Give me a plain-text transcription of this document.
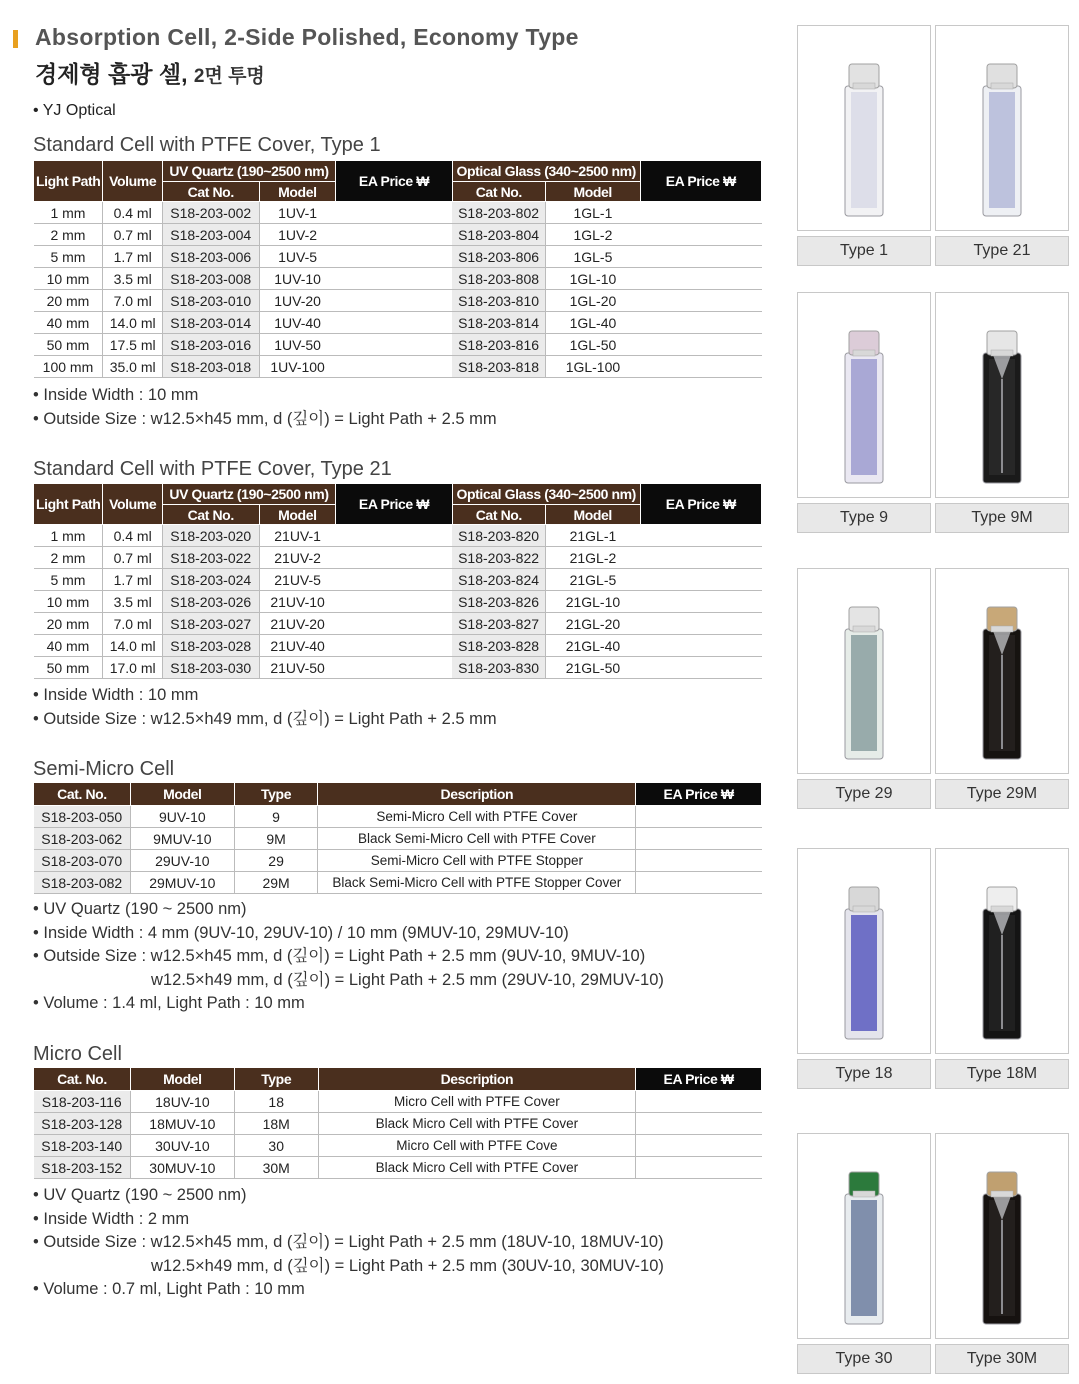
Absorption Cell, 2-Side Polished, Economy Type
경제형 흡광 셀, 2면 투명
• YJ Optical
Standard Cell with PTFE Cover, Type 1
Light Path	Volume	UV Quartz (190~2500 nm)		EA Price ₩	Optical Glass (340~2500 nm)		EA Price ₩
		Cat No.	Model		Cat No.	Model	
1 mm	0.4 ml	S18-203-002	1UV-1		S18-203-802	1GL-1	
2 mm	0.7 ml	S18-203-004	1UV-2		S18-203-804	1GL-2	
5 mm	1.7 ml	S18-203-006	1UV-5		S18-203-806	1GL-5	
10 mm	3.5 ml	S18-203-008	1UV-10		S18-203-808	1GL-10	
20 mm	7.0 ml	S18-203-010	1UV-20		S18-203-810	1GL-20	
40 mm	14.0 ml	S18-203-014	1UV-40		S18-203-814	1GL-40	
50 mm	17.5 ml	S18-203-016	1UV-50		S18-203-816	1GL-50	
100 mm	35.0 ml	S18-203-018	1UV-100		S18-203-818	1GL-100	
• Inside Width : 10 mm
• Outside Size : w12.5×h45 mm, d (깊이) = Light Path + 2.5 mm
Standard Cell with PTFE Cover, Type 21
Light Path	Volume	UV Quartz (190~2500 nm)		EA Price ₩	Optical Glass (340~2500 nm)		EA Price ₩
		Cat No.	Model		Cat No.	Model	
1 mm	0.4 ml	S18-203-020	21UV-1		S18-203-820	21GL-1	
2 mm	0.7 ml	S18-203-022	21UV-2		S18-203-822	21GL-2	
5 mm	1.7 ml	S18-203-024	21UV-5		S18-203-824	21GL-5	
10 mm	3.5 ml	S18-203-026	21UV-10		S18-203-826	21GL-10	
20 mm	7.0 ml	S18-203-027	21UV-20		S18-203-827	21GL-20	
40 mm	14.0 ml	S18-203-028	21UV-40		S18-203-828	21GL-40	
50 mm	17.0 ml	S18-203-030	21UV-50		S18-203-830	21GL-50	
• Inside Width : 10 mm
• Outside Size : w12.5×h49 mm, d (깊이) = Light Path + 2.5 mm
Semi-Micro Cell
Cat. No.	Model	Type	Description	EA Price ₩
S18-203-050	9UV-10	9	Semi-Micro Cell with PTFE Cover	
S18-203-062	9MUV-10	9M	Black Semi-Micro Cell with PTFE Cover	
S18-203-070	29UV-10	29	Semi-Micro Cell with PTFE Stopper	
S18-203-082	29MUV-10	29M	Black Semi-Micro Cell with PTFE Stopper Cover	
• UV Quartz (190 ~ 2500 nm)
• Inside Width : 4 mm (9UV-10, 29UV-10) / 10 mm (9MUV-10, 29MUV-10)
• Outside Size : w12.5×h45 mm, d (깊이) = Light Path + 2.5 mm (9UV-10, 9MUV-10)
w12.5×h49 mm, d (깊이) = Light Path + 2.5 mm (29UV-10, 29MUV-10)
• Volume : 1.4 ml, Light Path : 10 mm
Micro Cell
Cat. No.	Model	Type	Description	EA Price ₩
S18-203-116	18UV-10	18	Micro Cell with PTFE Cover	
S18-203-128	18MUV-10	18M	Black Micro Cell with PTFE Cover	
S18-203-140	30UV-10	30	Micro Cell with PTFE Cove	
S18-203-152	30MUV-10	30M	Black Micro Cell with PTFE Cover	
• UV Quartz (190 ~ 2500 nm)
• Inside Width : 2 mm
• Outside Size : w12.5×h45 mm, d (깊이) = Light Path + 2.5 mm (18UV-10, 18MUV-10)
w12.5×h49 mm, d (깊이) = Light Path + 2.5 mm (30UV-10, 30MUV-10)
• Volume : 0.7 ml, Light Path : 10 mm
Type 1	Type 21
Type 9	Type 9M
Type 29	Type 29M
Type 18	Type 18M
Type 30	Type 30M
